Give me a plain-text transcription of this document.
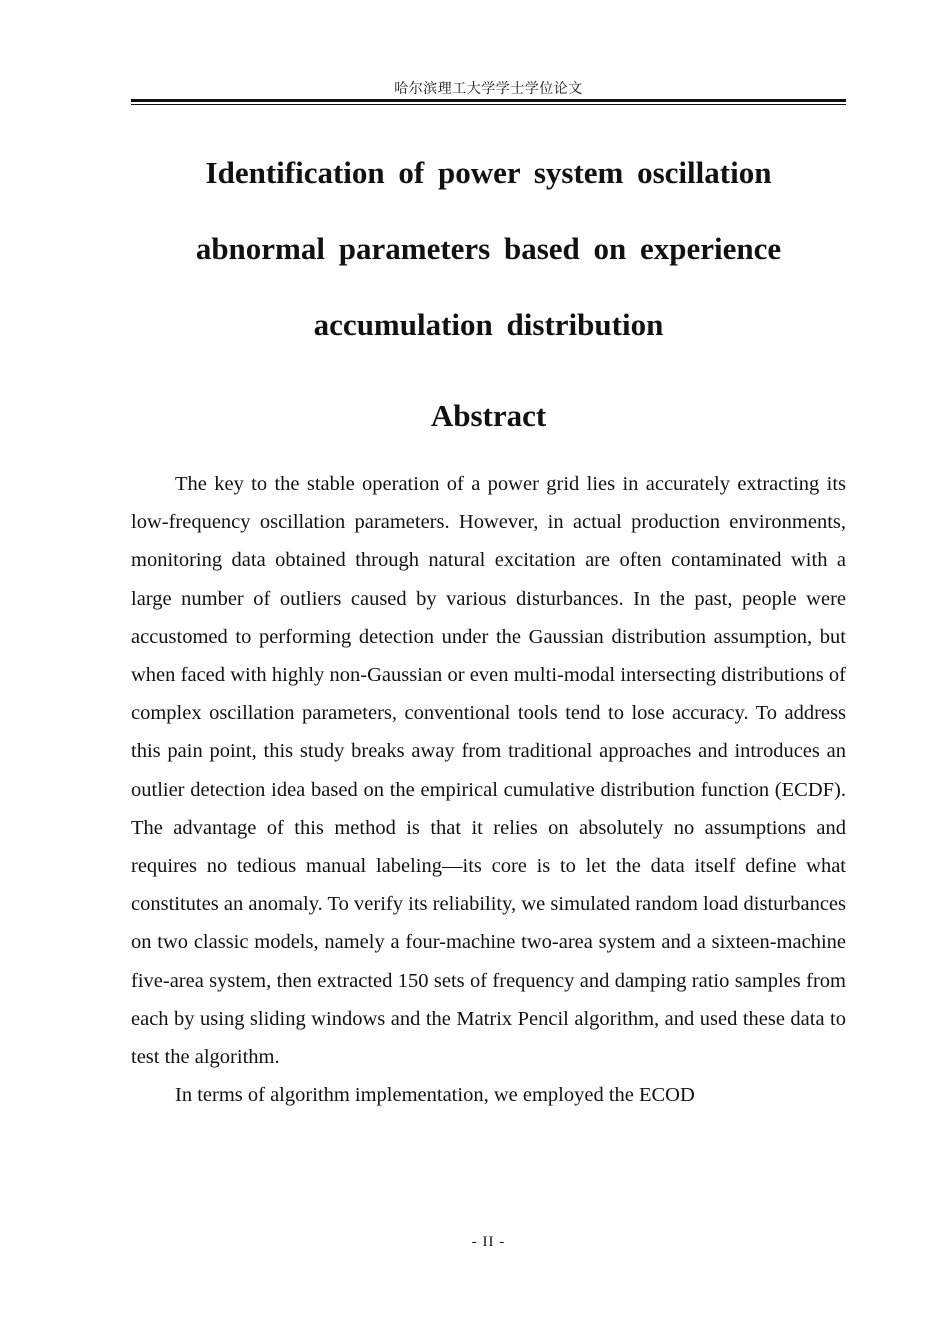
哈尔滨理工大学学士学位论文
Identification of power system oscillation
abnormal parameters based on experience
accumulation distribution
Abstract

The key to the stable operation of a power grid lies in accurately extracting its low-frequency oscillation parameters. However, in actual production environments, monitoring data obtained through natural excitation are often contaminated with a large number of outliers caused by various disturbances. In the past, people were accustomed to performing detection under the Gaussian distribution assumption, but when faced with highly non-Gaussian or even multi-modal intersecting distributions of complex oscillation parameters, conventional tools tend to lose accuracy. To address this pain point, this study breaks away from traditional approaches and introduces an outlier detection idea based on the empirical cumulative distribution function (ECDF). The advantage of this method is that it relies on absolutely no assumptions and requires no tedious manual labeling—its core is to let the data itself define what constitutes an anomaly. To verify its reliability, we simulated random load disturbances on two classic models, namely a four-machine two-area system and a sixteen-machine five-area system, then extracted 150 sets of frequency and damping ratio samples from each by using sliding windows and the Matrix Pencil algorithm, and used these data to test the algorithm.

In terms of algorithm implementation, we employed the ECOD

- II -
